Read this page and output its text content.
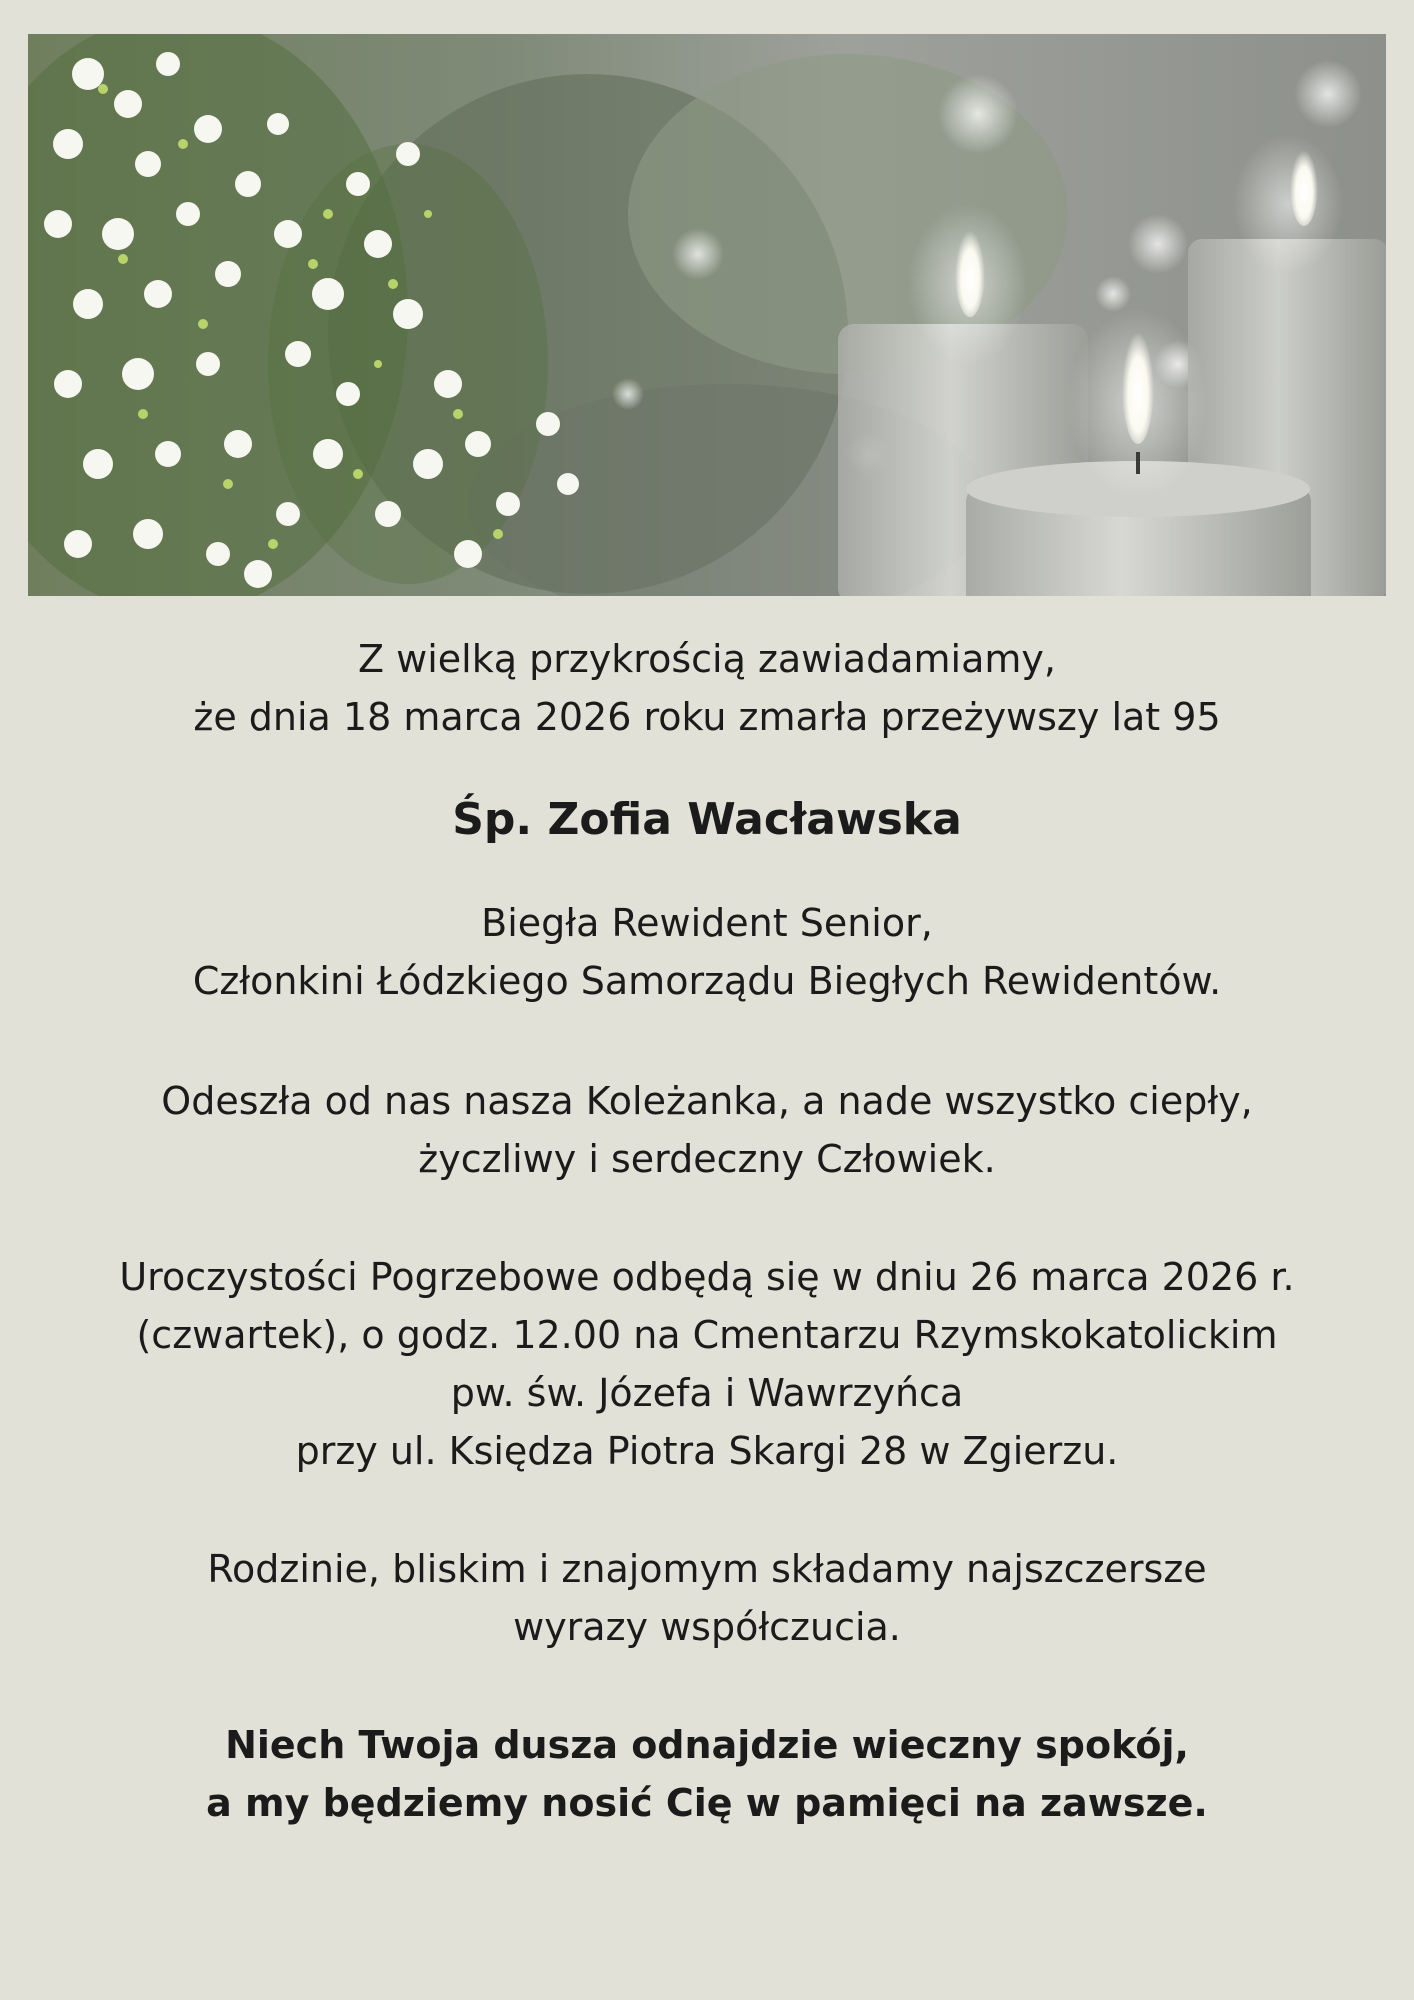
Z wielką przykrością zawiadamiamy,
że dnia 18 marca 2026 roku zmarła przeżywszy lat 95

Śp. Zofia Wacławska

Biegła Rewident Senior,
Członkini Łódzkiego Samorządu Biegłych Rewidentów.

Odeszła od nas nasza Koleżanka, a nade wszystko ciepły,
życzliwy i serdeczny Człowiek.

Uroczystości Pogrzebowe odbędą się w dniu 26 marca 2026 r.
(czwartek), o godz. 12.00 na Cmentarzu Rzymskokatolickim
pw. św. Józefa i Wawrzyńca
przy ul. Księdza Piotra Skargi 28 w Zgierzu.

Rodzinie, bliskim i znajomym składamy najszczersze
wyrazy współczucia.

Niech Twoja dusza odnajdzie wieczny spokój,
a my będziemy nosić Cię w pamięci na zawsze.
